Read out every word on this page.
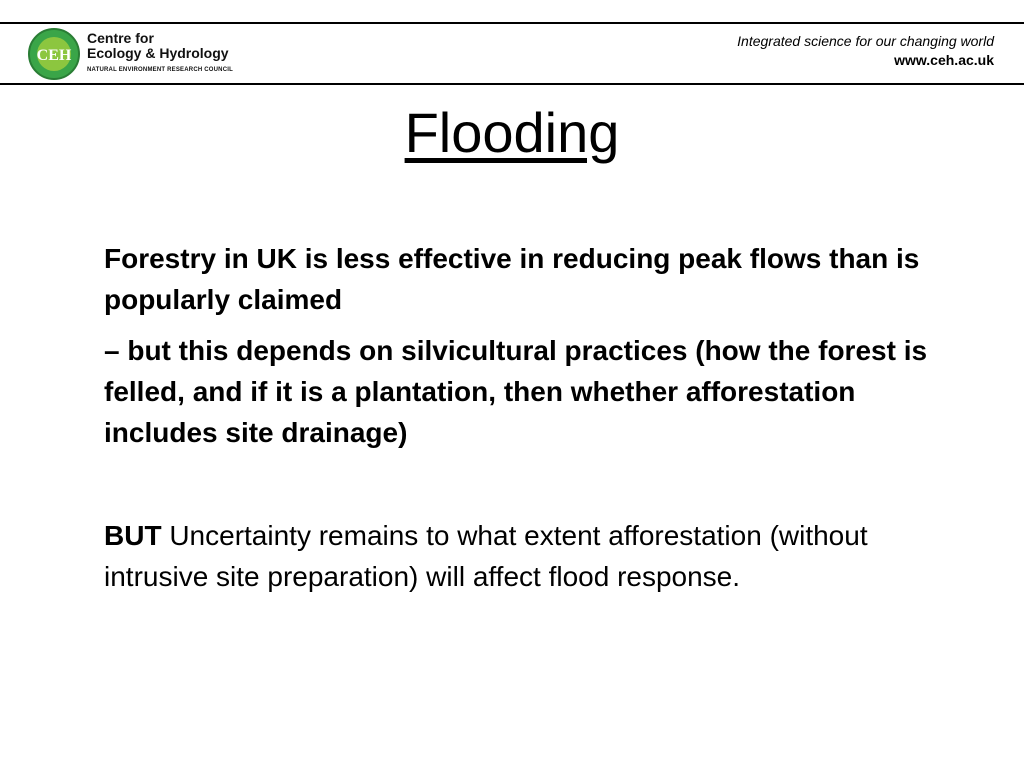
CEH
Centre for
Ecology & Hydrology
NATURAL ENVIRONMENT RESEARCH COUNCIL
Integrated science for our changing world
www.ceh.ac.uk
Flooding

Forestry in UK is less effective in reducing peak flows than is popularly claimed

– but this depends on silvicultural practices (how the forest is felled, and if it is a plantation, then whether afforestation includes site drainage)

BUT Uncertainty remains to what extent afforestation (without intrusive site preparation) will affect flood response.
